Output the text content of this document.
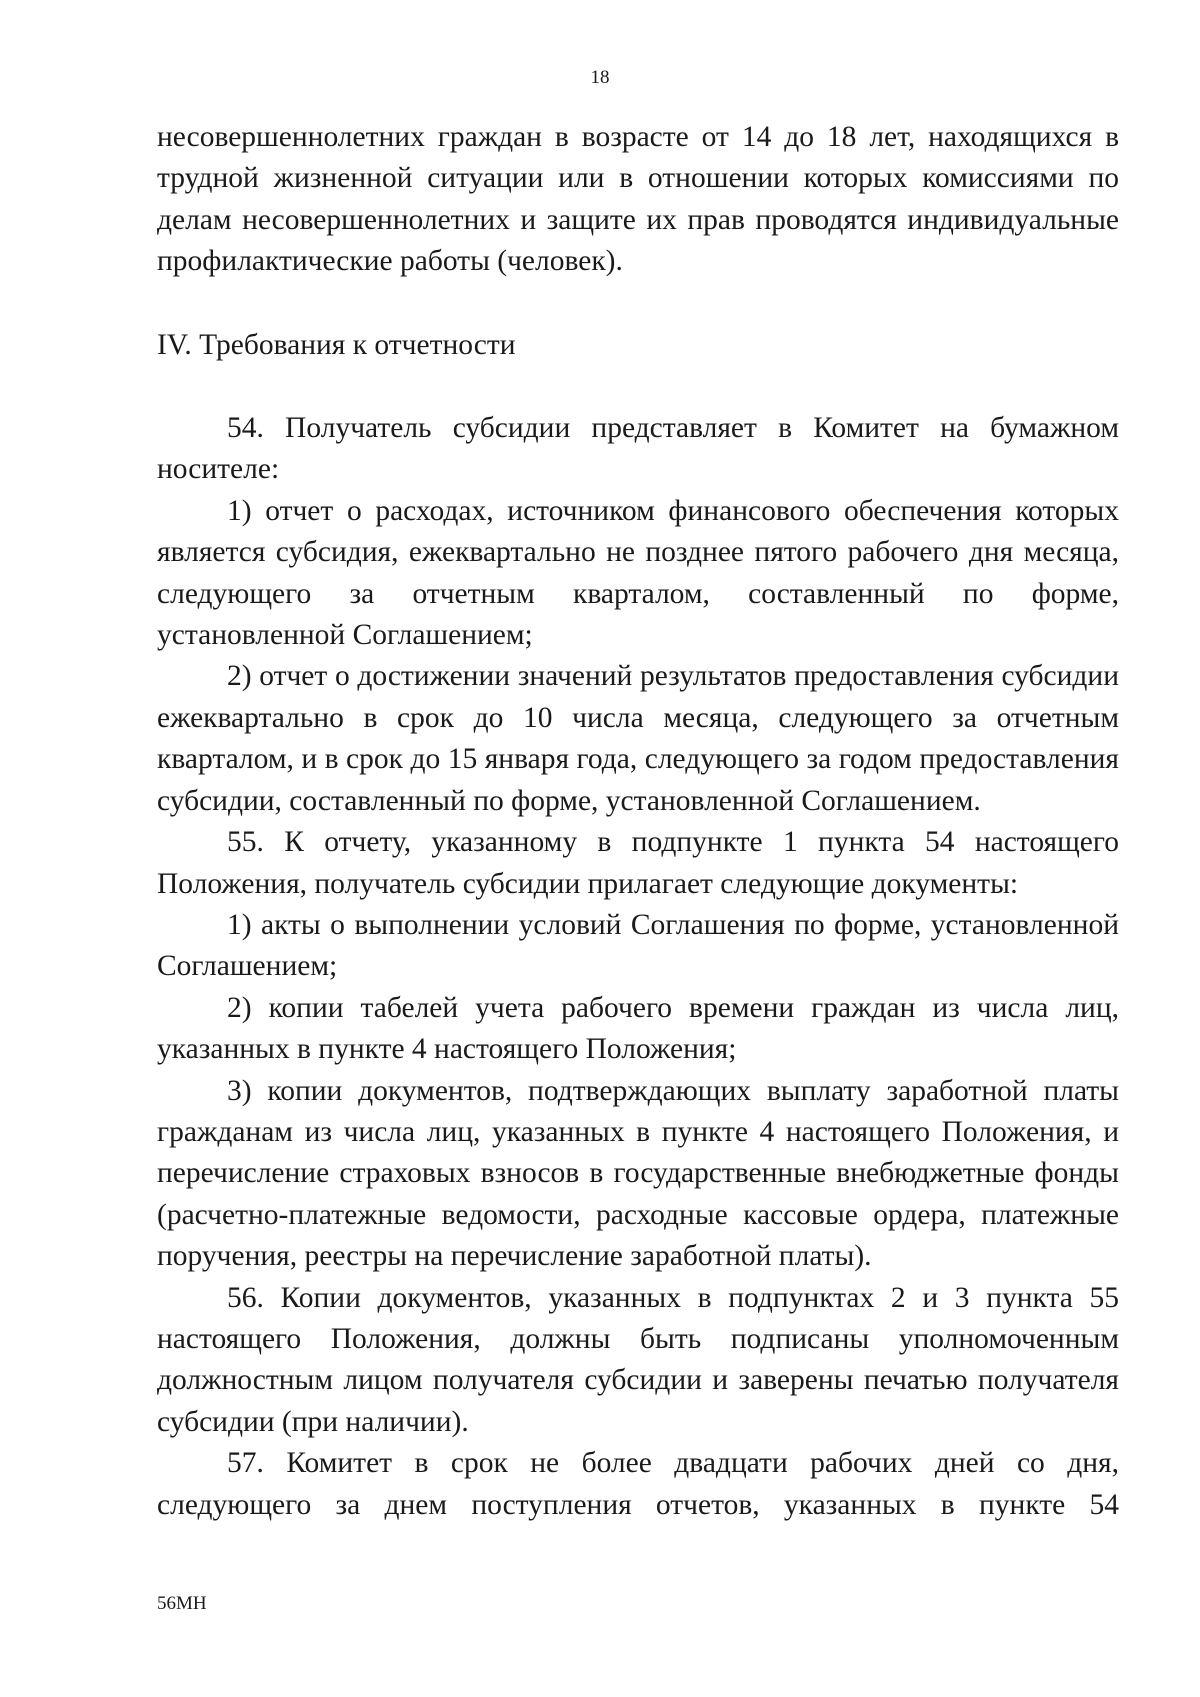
18

несовершеннолетних граждан в возрасте от 14 до 18 лет, находящихся в трудной жизненной ситуации или в отношении которых комиссиями по делам несовершеннолетних и защите их прав проводятся индивидуальные профилактические работы (человек).

IV. Требования к отчетности

54. Получатель субсидии представляет в Комитет на бумажном носителе:

1) отчет о расходах, источником финансового обеспечения которых является субсидия, ежеквартально не позднее пятого рабочего дня месяца, следующего за отчетным кварталом, составленный по форме, установленной Соглашением;

2) отчет о достижении значений результатов предоставления субсидии ежеквартально в срок до 10 числа месяца, следующего за отчетным кварталом, и в срок до 15 января года, следующего за годом предоставления субсидии, составленный по форме, установленной Соглашением.

55. К отчету, указанному в подпункте 1 пункта 54 настоящего Положения, получатель субсидии прилагает следующие документы:

1) акты о выполнении условий Соглашения по форме, установленной Соглашением;

2) копии табелей учета рабочего времени граждан из числа лиц, указанных в пункте 4 настоящего Положения;

3) копии документов, подтверждающих выплату заработной платы гражданам из числа лиц, указанных в пункте 4 настоящего Положения, и перечисление страховых взносов в государственные внебюджетные фонды (расчетно-платежные ведомости, расходные кассовые ордера, платежные поручения, реестры на перечисление заработной платы).

56. Копии документов, указанных в подпунктах 2 и 3 пункта 55 настоящего Положения, должны быть подписаны уполномоченным должностным лицом получателя субсидии и заверены печатью получателя субсидии (при наличии).

57. Комитет в срок не более двадцати рабочих дней со дня, следующего за днем поступления отчетов, указанных в пункте 54

56МН
